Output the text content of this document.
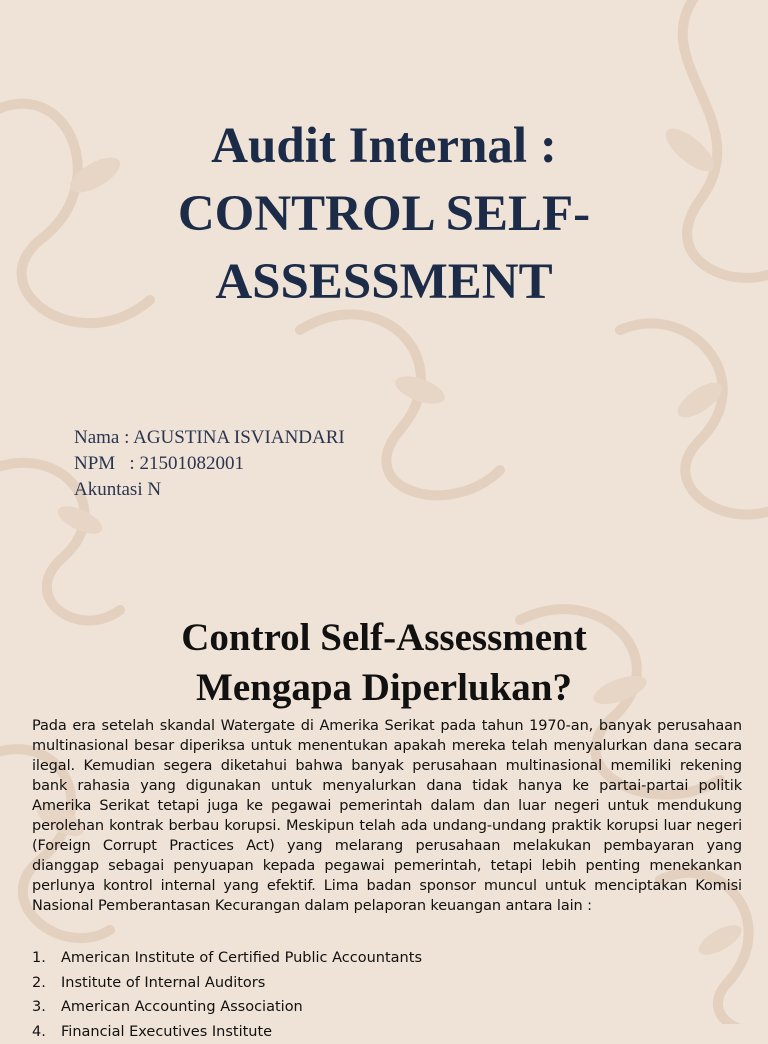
Audit Internal :
CONTROL SELF-
ASSESSMENT
Nama : AGUSTINA ISVIANDARI
NPM   : 21501082001
Akuntasi N
Control Self-Assessment
Mengapa Diperlukan?

Pada era setelah skandal Watergate di Amerika Serikat pada tahun 1970-an, banyak perusahaan multinasional besar diperiksa untuk menentukan apakah mereka telah menyalurkan dana secara ilegal. Kemudian segera diketahui bahwa banyak perusahaan multinasional memiliki rekening bank rahasia yang digunakan untuk menyalurkan dana tidak hanya ke partai-partai politik Amerika Serikat tetapi juga ke pegawai pemerintah dalam dan luar negeri untuk mendukung perolehan kontrak berbau korupsi. Meskipun telah ada undang-undang praktik korupsi luar negeri (Foreign Corrupt Practices Act) yang melarang perusahaan melakukan pembayaran yang dianggap sebagai penyuapan kepada pegawai pemerintah, tetapi lebih penting menekankan perlunya kontrol internal yang efektif. Lima badan sponsor muncul untuk menciptakan Komisi Nasional Pemberantasan Kecurangan dalam pelaporan keuangan antara lain :

1. American Institute of Certified Public Accountants
2. Institute of Internal Auditors
3. American Accounting Association
4. Financial Executives Institute
